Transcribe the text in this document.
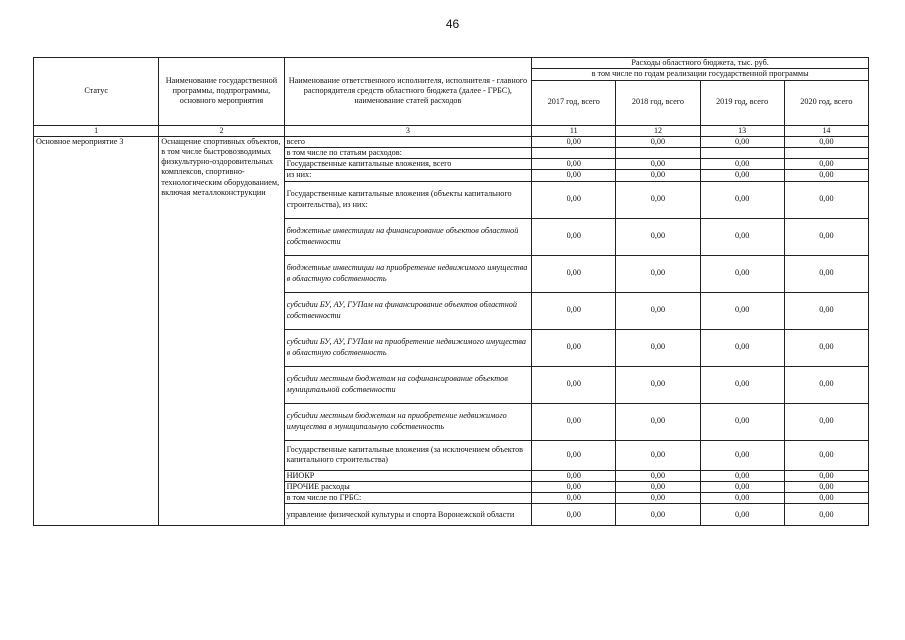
46
Статус	Наименование государственной программы, подпрограммы, основного мероприятия	Наименование ответственного исполнителя, исполнителя - главного распорядителя средств областного бюджета (далее - ГРБС), наименование статей расходов	Расходы областного бюджета, тыс. руб.			
			в том числе по годам реализации государственной программы			
			2017 год, всего	2018 год, всего	2019 год, всего	2020 год, всего
1	2	3	11	12	13	14
Основное мероприятие 3	Оснащение спортивных объектов, в том числе быстровозводимых физкультурно-оздоровительных комплексов, спортивно-технологическим оборудованием, включая металлоконструкции	всего	0,00	0,00	0,00	0,00
		в том числе по статьям расходов:				
		Государственные капитальные вложения, всего	0,00	0,00	0,00	0,00
		из них:	0,00	0,00	0,00	0,00
		Государственные капитальные вложения (объекты капитального строительства), из них:	0,00	0,00	0,00	0,00
		бюджетные инвестиции на финансирование объектов областной собственности	0,00	0,00	0,00	0,00
		бюджетные инвестиции на приобретение недвижимого имущества в областную собственность	0,00	0,00	0,00	0,00
		субсидии БУ, АУ, ГУПам на финансирование объектов областной собственности	0,00	0,00	0,00	0,00
		субсидии БУ, АУ, ГУПам на приобретение недвижимого имущества в областную собственность	0,00	0,00	0,00	0,00
		субсидии местным бюджетам на софинансирование объектов муниципальной собственности	0,00	0,00	0,00	0,00
		субсидии местным бюджетам на приобретение недвижимого имущества в муниципальную собственность	0,00	0,00	0,00	0,00
		Государственные капитальные вложения (за исключением объектов капитального строительства)	0,00	0,00	0,00	0,00
		НИОКР	0,00	0,00	0,00	0,00
		ПРОЧИЕ расходы	0,00	0,00	0,00	0,00
		в том числе по ГРБС:	0,00	0,00	0,00	0,00
		управление физической культуры и спорта Воронежской области	0,00	0,00	0,00	0,00
